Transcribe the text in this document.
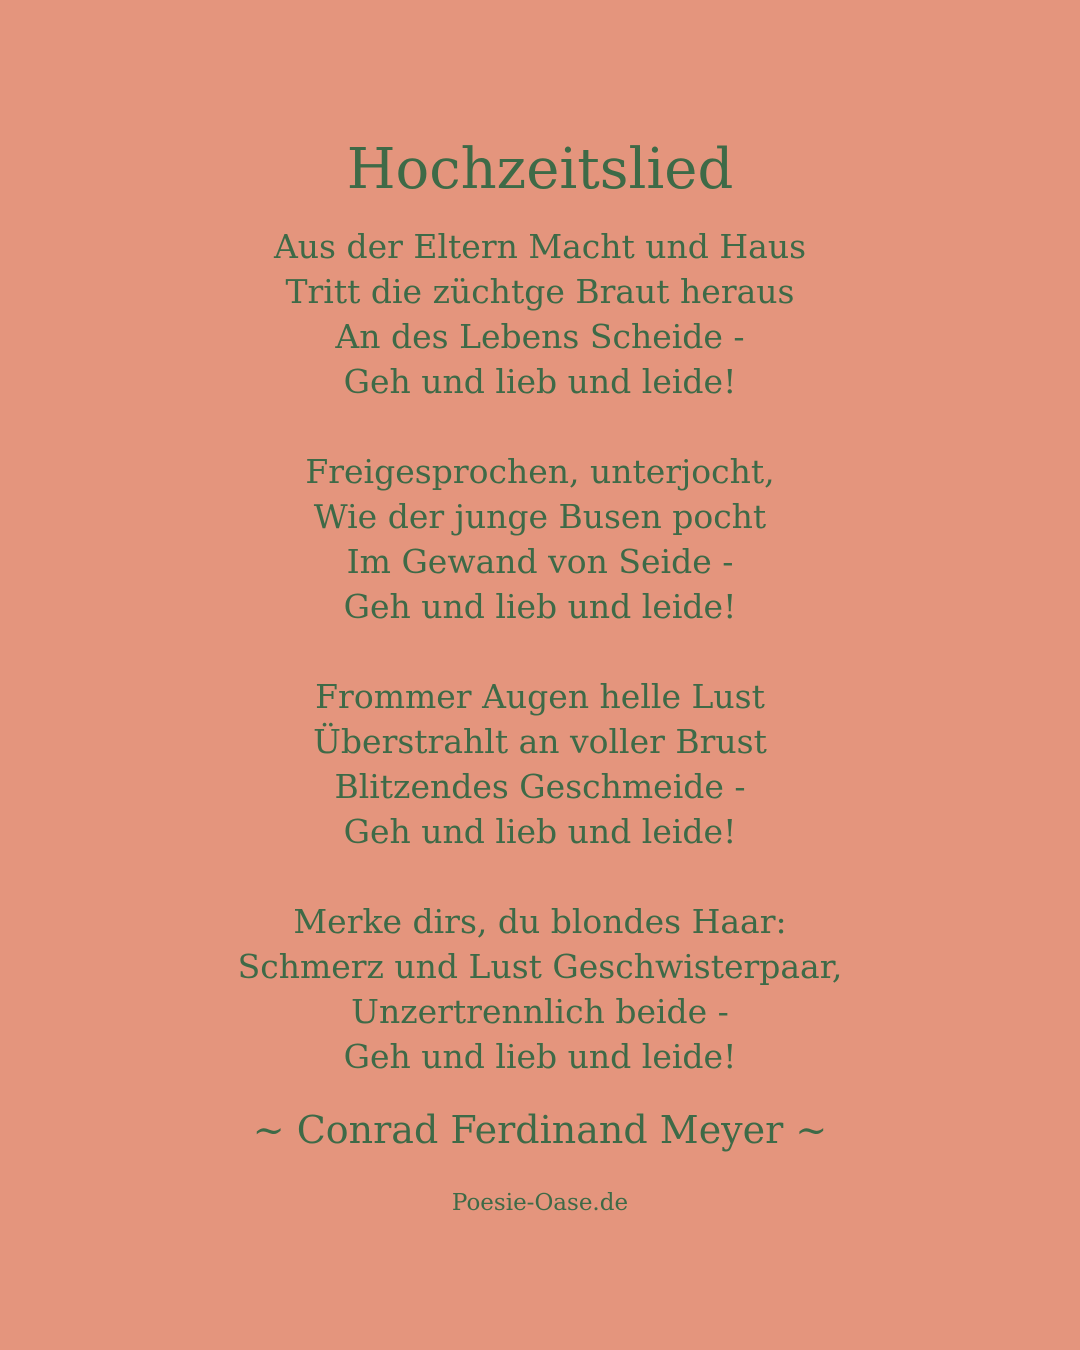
Hochzeitslied
Aus der Eltern Macht und Haus
Tritt die züchtge Braut heraus
An des Lebens Scheide -
Geh und lieb und leide!
Freigesprochen, unterjocht,
Wie der junge Busen pocht
Im Gewand von Seide -
Geh und lieb und leide!
Frommer Augen helle Lust
Überstrahlt an voller Brust
Blitzendes Geschmeide -
Geh und lieb und leide!
Merke dirs, du blondes Haar:
Schmerz und Lust Geschwisterpaar,
Unzertrennlich beide -
Geh und lieb und leide!
~ Conrad Ferdinand Meyer ~
Poesie-Oase.de
